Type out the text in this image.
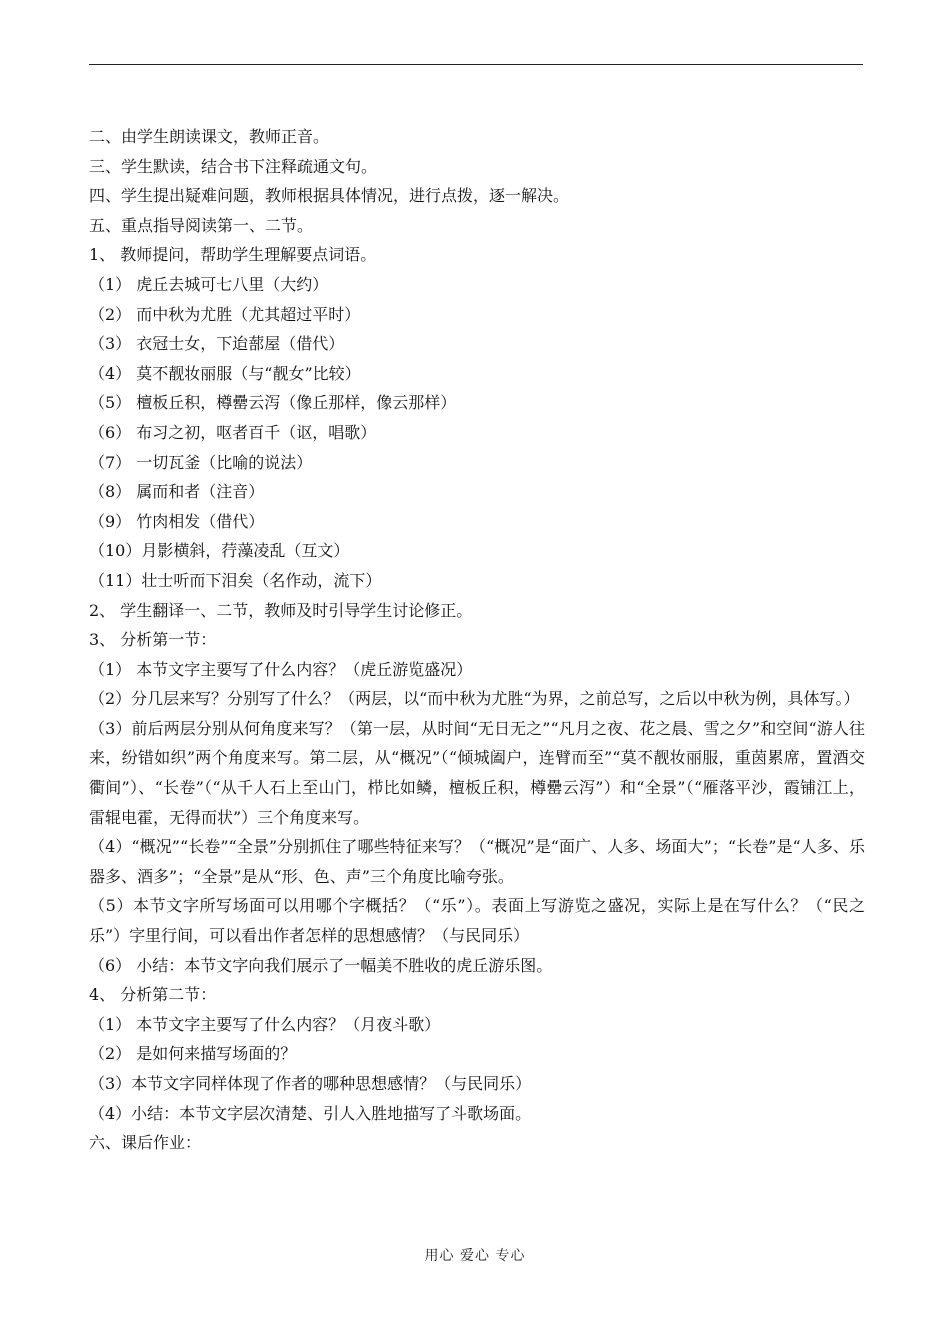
二、由学生朗读课文，教师正音。
三、学生默读，结合书下注释疏通文句。
四、学生提出疑难问题，教师根据具体情况，进行点拨，逐一解决。
五、重点指导阅读第一、二节。
1、 教师提问，帮助学生理解要点词语。
（1） 虎丘去城可七八里（大约）
（2） 而中秋为尤胜（尤其超过平时）
（3） 衣冠士女，下迨蔀屋（借代）
（4） 莫不靓妆丽服（与“靓女”比较）
（5） 檀板丘积，樽罍云泻（像丘那样，像云那样）
（6） 布习之初，呕者百千（讴，唱歌）
（7） 一切瓦釜（比喻的说法）
（8） 属而和者（注音）
（9） 竹肉相发（借代）
（10）月影横斜，荇藻凌乱（互文）
（11）壮士听而下泪矣（名作动，流下）
2、 学生翻译一、二节，教师及时引导学生讨论修正。
3、 分析第一节：
（1） 本节文字主要写了什么内容？（虎丘游览盛况）
（2）分几层来写？分别写了什么？（两层，以“而中秋为尤胜“为界，之前总写，之后以中秋为例，具体写。）
（3）前后两层分别从何角度来写？（第一层，从时间“无日无之”“凡月之夜、花之晨、雪之夕”和空间“游人往来，纷错如织”两个角度来写。第二层，从“概况”（“倾城阖户，连臂而至”“莫不靓妆丽服，重茵累席，置酒交衢间”）、“长卷”（“从千人石上至山门，栉比如鳞，檀板丘积，樽罍云泻”）和“全景”（“雁落平沙，霞铺江上，雷辊电霍，无得而状”）三个角度来写。
（4）“概况”“长卷”“全景”分别抓住了哪些特征来写？（“概况”是“面广、人多、场面大”；“长卷”是“人多、乐器多、酒多”；“全景”是从“形、色、声”三个角度比喻夸张。
（5）本节文字所写场面可以用哪个字概括？（“乐”）。表面上写游览之盛况，实际上是在写什么？（“民之乐”）字里行间，可以看出作者怎样的思想感情？（与民同乐）
（6） 小结：本节文字向我们展示了一幅美不胜收的虎丘游乐图。
4、 分析第二节：
（1） 本节文字主要写了什么内容？（月夜斗歌）
（2） 是如何来描写场面的？
（3）本节文字同样体现了作者的哪种思想感情？（与民同乐）
（4）小结：本节文字层次清楚、引人入胜地描写了斗歌场面。
六、课后作业：
用心 爱心 专心
